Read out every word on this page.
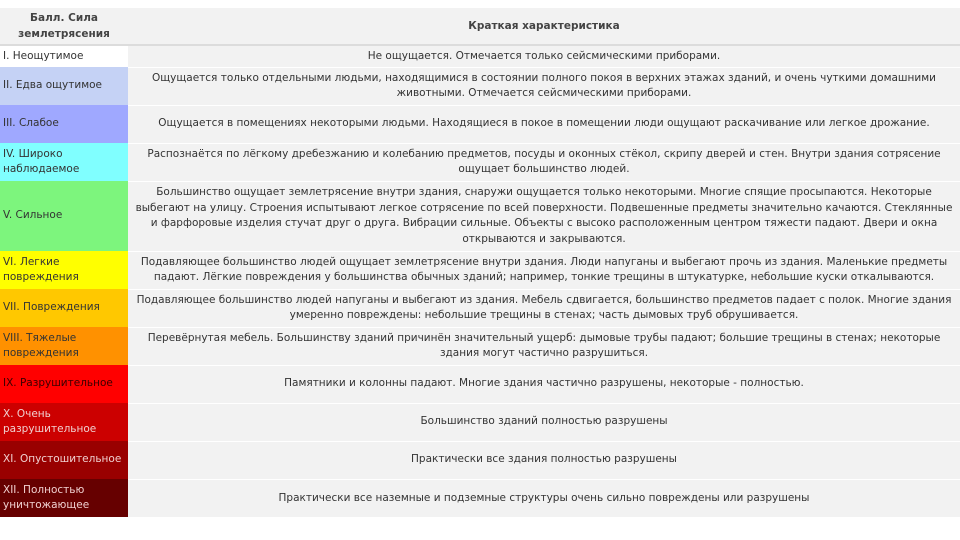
Балл. Сила землетрясения	Краткая характеристика
I. Неощутимое	Не ощущается. Отмечается только сейсмическими приборами.
II. Едва ощутимое	Ощущается только отдельными людьми, находящимися в состоянии полного покоя в верхних этажах зданий, и очень чуткими домашними животными. Отмечается сейсмическими приборами.
III. Слабое	Ощущается в помещениях некоторыми людьми. Находящиеся в покое в помещении люди ощущают раскачивание или легкое дрожание.
IV. Широко наблюдаемое	Распознаётся по лёгкому дребезжанию и колебанию предметов, посуды и оконных стёкол, скрипу дверей и стен. Внутри здания сотрясение ощущает большинство людей.
V. Сильное	Большинство ощущает землетрясение внутри здания, снаружи ощущается только некоторыми. Многие спящие просыпаются. Некоторые выбегают на улицу. Строения испытывают легкое сотрясение по всей поверхности. Подвешенные предметы значительно качаются. Стеклянные и фарфоровые изделия стучат друг о друга. Вибрации сильные. Объекты с высоко расположенным центром тяжести падают. Двери и окна открываются и закрываются.
VI. Легкие повреждения	Подавляющее большинство людей ощущает землетрясение внутри здания. Люди напуганы и выбегают прочь из здания. Маленькие предметы падают. Лёгкие повреждения у большинства обычных зданий; например, тонкие трещины в штукатурке, небольшие куски откалываются.
VII. Повреждения	Подавляющее большинство людей напуганы и выбегают из здания. Мебель сдвигается, большинство предметов падает с полок. Многие здания умеренно повреждены: небольшие трещины в стенах; часть дымовых труб обрушивается.
VIII. Тяжелые повреждения	Перевёрнутая мебель. Большинству зданий причинён значительный ущерб: дымовые трубы падают; большие трещины в стенах; некоторые здания могут частично разрушиться.
IX. Разрушительное	Памятники и колонны падают. Многие здания частично разрушены, некоторые - полностью.
X. Очень разрушительное	Большинство зданий полностью разрушены
XI. Опустошительное	Практически все здания полностью разрушены
XII. Полностью уничтожающее	Практически все наземные и подземные структуры очень сильно повреждены или разрушены
